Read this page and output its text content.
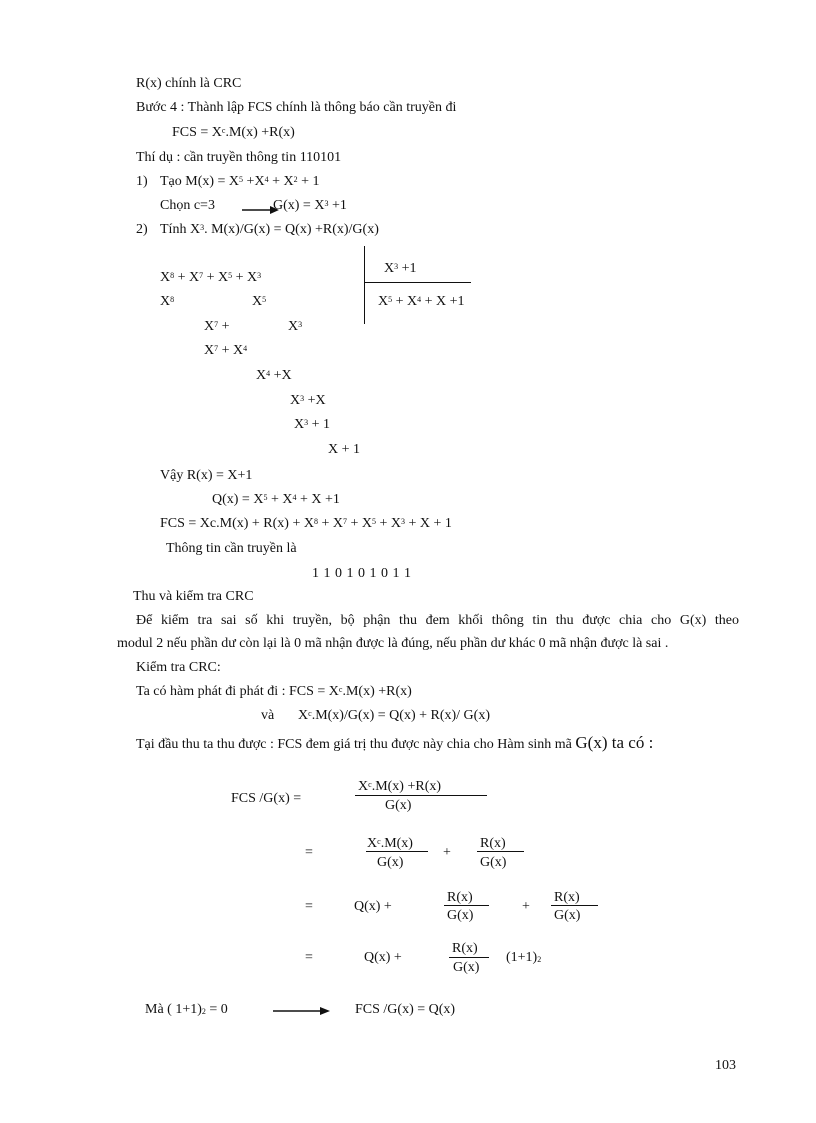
R(x) chính là CRC
Bước 4 : Thành lập FCS chính là thông báo cần truyền đi
FCS = $X^c.M(x) +R(x)$
Thí dụ : cần truyền thông tin 110101
1) Tạo $M(x) = X^5 +X^4 + X^2 + 1$
Chọn c=3	$G(x) = X^3 +1$
2) Tính $X^3$. M(x)/G(x) = Q(x) +R(x)/G(x)
$X^3 +1$
$X^5 + X^4 + X +1$
$X^8 + X^7 + X^5 + X^3$
$X^8$	$X^5$
$X^7$ +	$X^3$
$X^7 + X^4$
$X^4 +X$
$X^3 +X$
$X^3 + 1$
X + 1
Vậy R(x) = X+1
$Q(x) = X^5 + X^4 + X +1$
FCS = $Xc.M(x) + R(x) + X^8 + X^7 + X^5 + X^3 + X + 1$
Thông tin cần truyền là
1 1 0 1 0 1 0 1 1
Thu và kiểm tra CRC
Để kiểm tra sai số khi truyền, bộ phận thu đem khối thông tin thu được chia cho G(x) theo
modul 2 nếu phần dư còn lại là 0 mã nhận được là đúng, nếu phần dư khác 0 mã nhận được là sai .
Kiểm tra CRC:
Ta có hàm phát đi phát đi : FCS = $X^c.M(x) +R(x)$
và $X^c.M(x)/G(x) = Q(x) + R(x)/$ G(x)
Tại đầu thu ta thu được : FCS đem giá trị thu được này chia cho Hàm sinh mã G(x) ta có :
FCS /G(x) =
$X^c.M(x) +R(x)$
G(x)
=
$X^c.M(x)$
G(x)
+
R(x)
G(x)
=	Q(x) +
R(x)
G(x)
+
R(x)
G(x)
=	Q(x) +
R(x)
G(x)
$(1+1)_2$
Mà ( $1+1)_2 = 0$	FCS /G(x) = Q(x)
103
